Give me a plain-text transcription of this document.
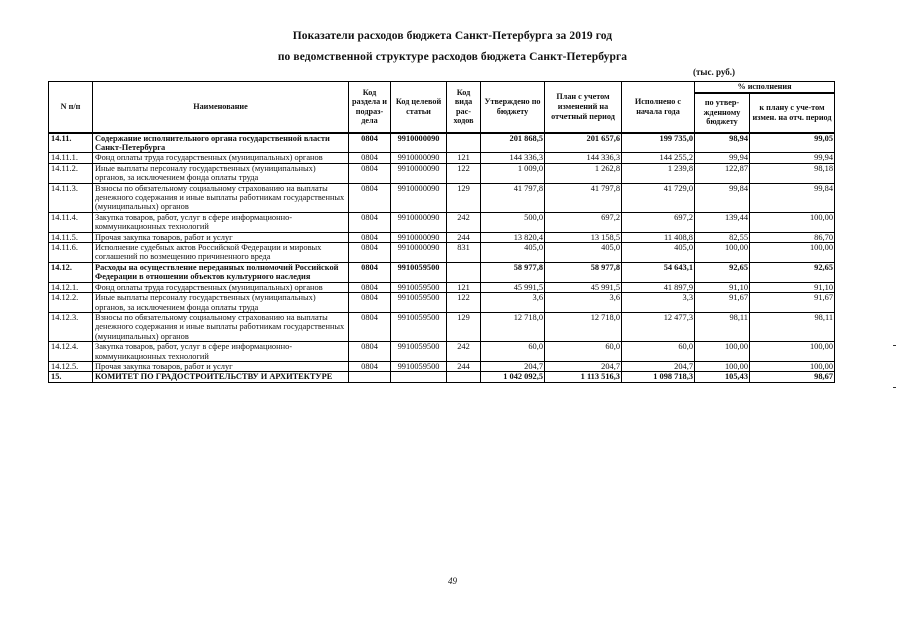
Показатели расходов бюджета Санкт-Петербурга за 2019 год
по ведомственной структуре расходов бюджета Санкт-Петербурга
(тыс. руб.)
N п/п	Наименование	Код раздела и подраз-дела	Код целевой статьи	Код вида рас-ходов	Утверждено по бюджету	План с учетом изменений на отчетный период	Исполнено с начала года	% исполнения	
								по утвер-жденному бюджету	к плану с уче-том измен. на отч. период
14.11.	Содержание исполнительного органа государственной власти Санкт-Петербурга	0804	9910000090		201 868,5	201 657,6	199 735,0	98,94	99,05
14.11.1.	Фонд оплаты труда государственных (муниципальных) органов	0804	9910000090	121	144 336,3	144 336,3	144 255,2	99,94	99,94
14.11.2.	Иные выплаты персоналу государственных (муниципальных) органов, за исключением фонда оплаты труда	0804	9910000090	122	1 009,0	1 262,8	1 239,8	122,87	98,18
14.11.3.	Взносы по обязательному социальному страхованию на выплаты денежного содержания и иные выплаты работникам государственных (муниципальных) органов	0804	9910000090	129	41 797,8	41 797,8	41 729,0	99,84	99,84
14.11.4.	Закупка товаров, работ, услуг в сфере информационно-коммуникационных технологий	0804	9910000090	242	500,0	697,2	697,2	139,44	100,00
14.11.5.	Прочая закупка товаров, работ и услуг	0804	9910000090	244	13 820,4	13 158,5	11 408,8	82,55	86,70
14.11.6.	Исполнение судебных актов Российской Федерации и мировых соглашений по возмещению причиненного вреда	0804	9910000090	831	405,0	405,0	405,0	100,00	100,00
14.12.	Расходы на осуществление переданных полномочий Российской Федерации в отношении объектов культурного наследия	0804	9910059500		58 977,8	58 977,8	54 643,1	92,65	92,65
14.12.1.	Фонд оплаты труда государственных (муниципальных) органов	0804	9910059500	121	45 991,5	45 991,5	41 897,9	91,10	91,10
14.12.2.	Иные выплаты персоналу государственных (муниципальных) органов, за исключением фонда оплаты труда	0804	9910059500	122	3,6	3,6	3,3	91,67	91,67
14.12.3.	Взносы по обязательному социальному страхованию на выплаты денежного содержания и иные выплаты работникам государственных (муниципальных) органов	0804	9910059500	129	12 718,0	12 718,0	12 477,3	98,11	98,11
14.12.4.	Закупка товаров, работ, услуг в сфере информационно-коммуникационных технологий	0804	9910059500	242	60,0	60,0	60,0	100,00	100,00
14.12.5.	Прочая закупка товаров, работ и услуг	0804	9910059500	244	204,7	204,7	204,7	100,00	100,00
15.	КОМИТЕТ ПО ГРАДОСТРОИТЕЛЬСТВУ И АРХИТЕКТУРЕ				1 042 092,5	1 113 516,3	1 098 718,3	105,43	98,67
49
